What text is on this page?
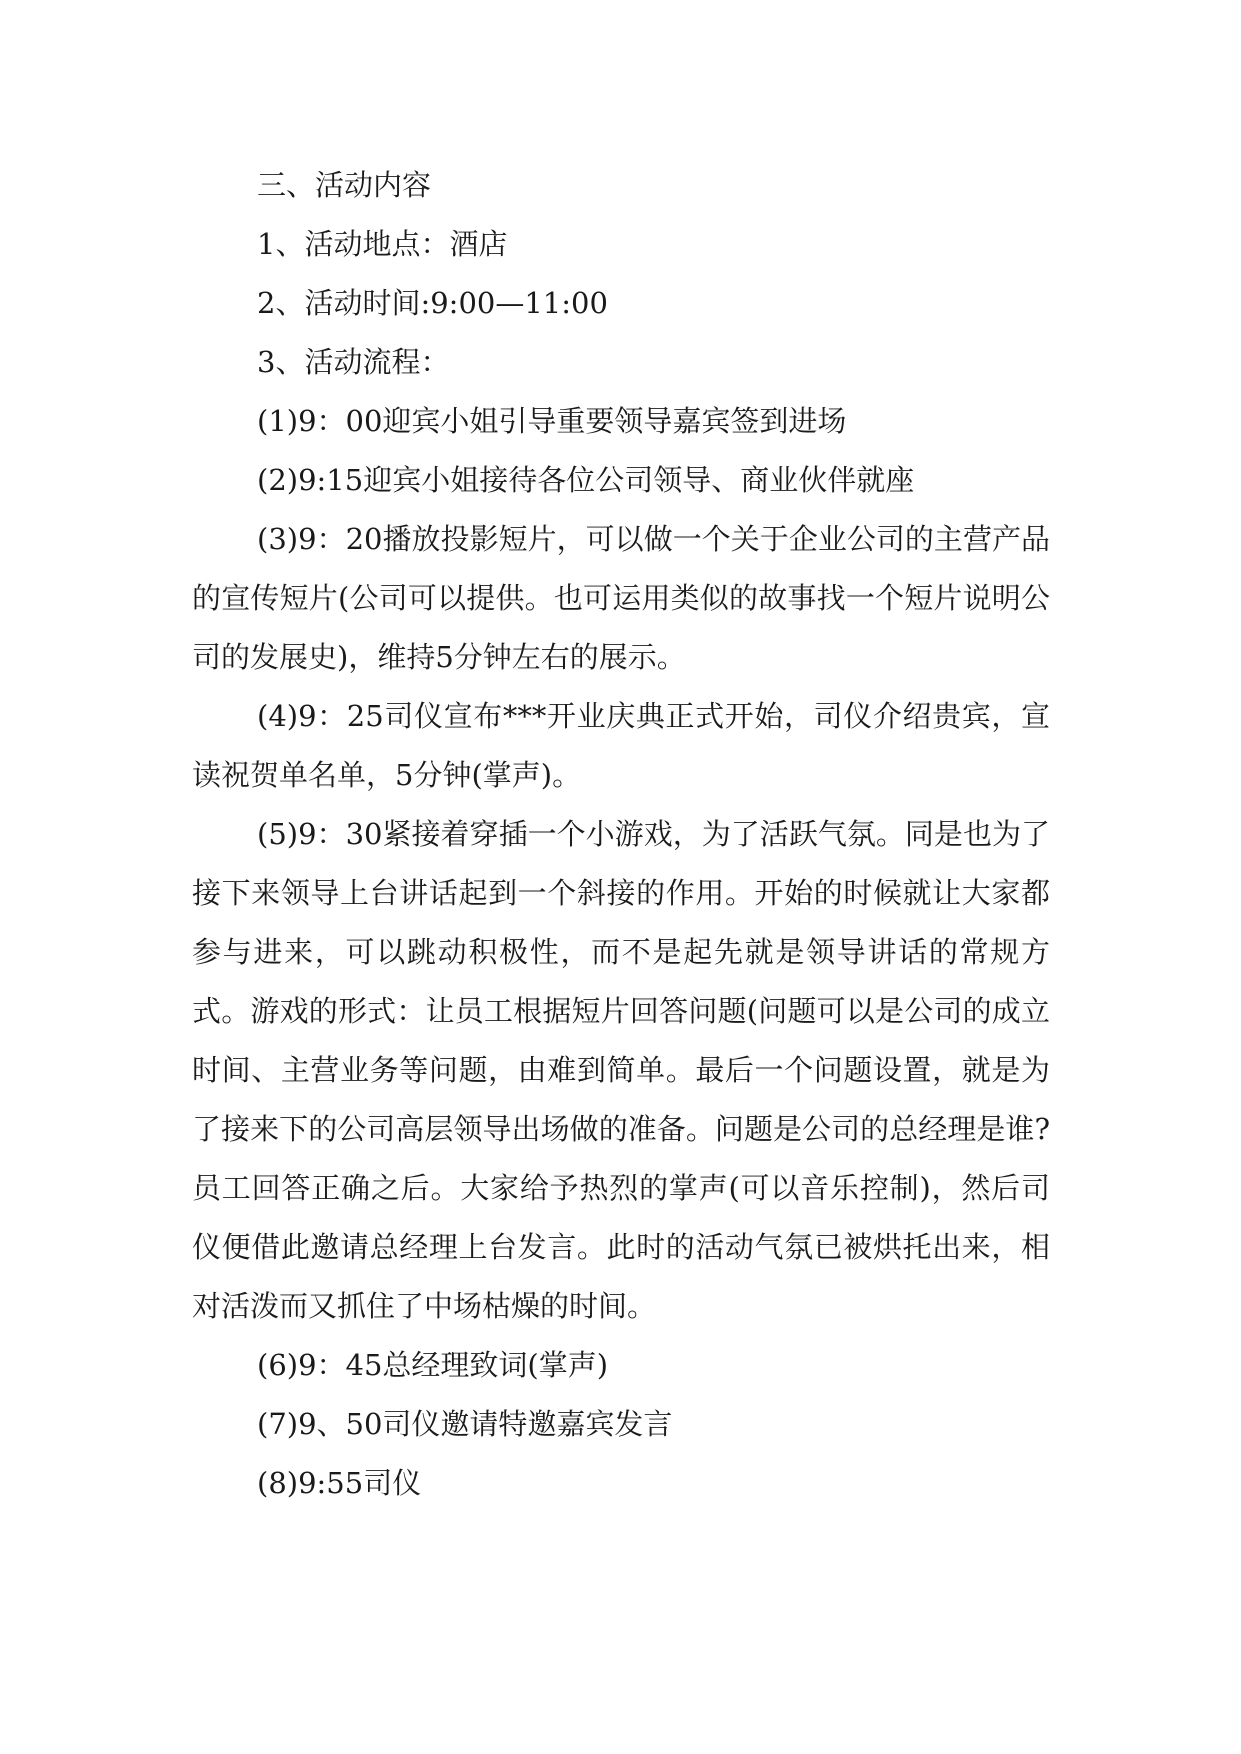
三、活动内容

1、活动地点：酒店

2、活动时间:9:00—11:00

3、活动流程：

(1)9：00迎宾小姐引导重要领导嘉宾签到进场

(2)9:15迎宾小姐接待各位公司领导、商业伙伴就座

(3)9：20播放投影短片，可以做一个关于企业公司的主营产品的宣传短片(公司可以提供。也可运用类似的故事找一个短片说明公司的发展史)，维持5分钟左右的展示。

(4)9：25司仪宣布***开业庆典正式开始，司仪介绍贵宾，宣读祝贺单名单，5分钟(掌声)。

(5)9：30紧接着穿插一个小游戏，为了活跃气氛。同是也为了接下来领导上台讲话起到一个斜接的作用。开始的时候就让大家都参与进来，可以跳动积极性，而不是起先就是领导讲话的常规方式。游戏的形式：让员工根据短片回答问题(问题可以是公司的成立时间、主营业务等问题，由难到简单。最后一个问题设置，就是为了接来下的公司高层领导出场做的准备。问题是公司的总经理是谁?员工回答正确之后。大家给予热烈的掌声(可以音乐控制)，然后司仪便借此邀请总经理上台发言。此时的活动气氛已被烘托出来，相对活泼而又抓住了中场枯燥的时间。

(6)9：45总经理致词(掌声)

(7)9、50司仪邀请特邀嘉宾发言

(8)9:55司仪
